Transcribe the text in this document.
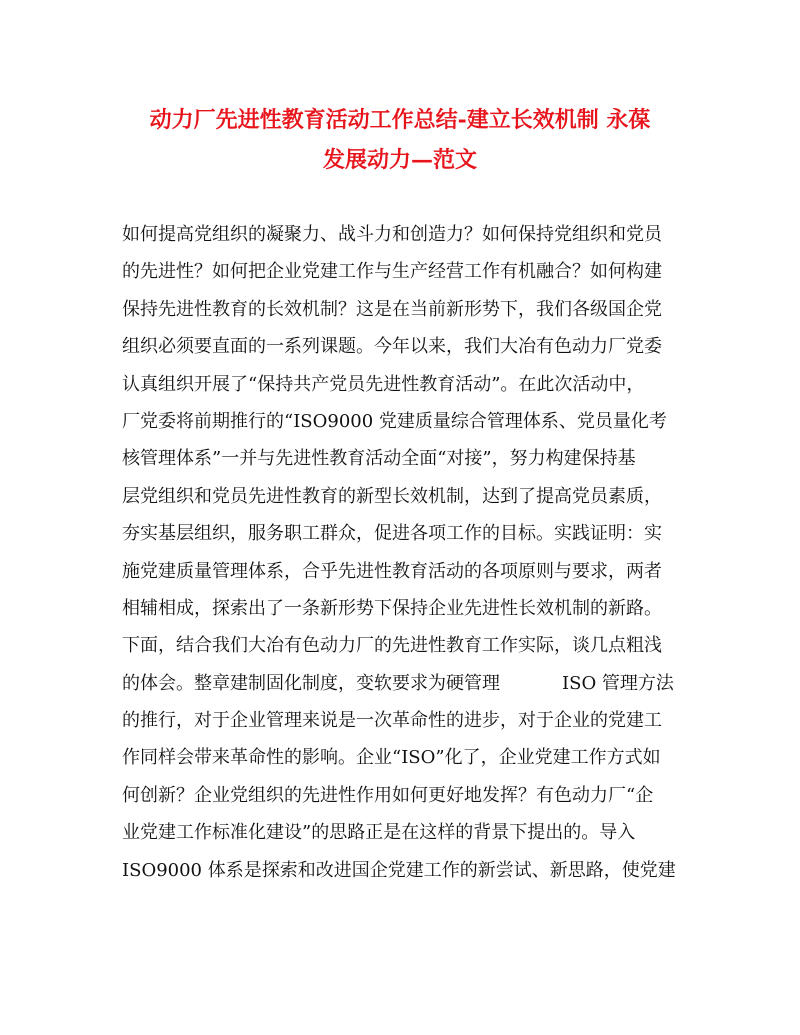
动力厂先进性教育活动工作总结-建立长效机制 永葆
发展动力—范文
如何提高党组织的凝聚力、战斗力和创造力？如何保持党组织和党员
的先进性？如何把企业党建工作与生产经营工作有机融合？如何构建
保持先进性教育的长效机制？这是在当前新形势下，我们各级国企党
组织必须要直面的一系列课题。今年以来，我们大冶有色动力厂党委
认真组织开展了“保持共产党员先进性教育活动”。在此次活动中，
厂党委将前期推行的“ISO9000 党建质量综合管理体系、党员量化考
核管理体系”一并与先进性教育活动全面“对接”，努力构建保持基
层党组织和党员先进性教育的新型长效机制，达到了提高党员素质，
夯实基层组织，服务职工群众，促进各项工作的目标。实践证明：实
施党建质量管理体系，合乎先进性教育活动的各项原则与要求，两者
相辅相成，探索出了一条新形势下保持企业先进性长效机制的新路。
下面，结合我们大冶有色动力厂的先进性教育工作实际，谈几点粗浅
的体会。整章建制固化制度，变软要求为硬管理	ISO 管理方法
的推行，对于企业管理来说是一次革命性的进步，对于企业的党建工
作同样会带来革命性的影响。企业“ISO”化了，企业党建工作方式如
何创新？企业党组织的先进性作用如何更好地发挥？有色动力厂“企
业党建工作标准化建设”的思路正是在这样的背景下提出的。导入
ISO9000 体系是探索和改进国企党建工作的新尝试、新思路，使党建
